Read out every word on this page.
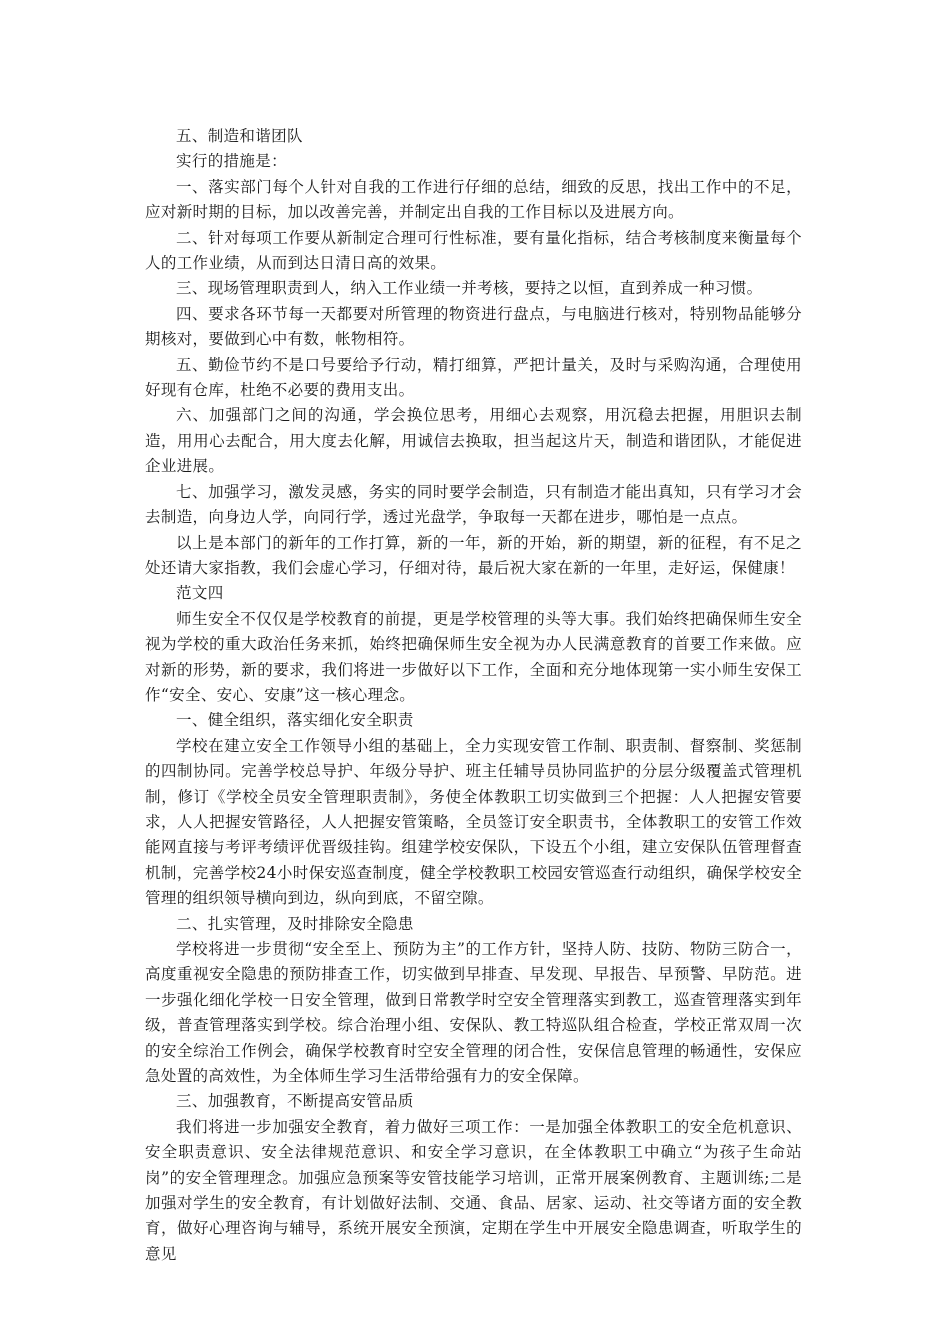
五、制造和谐团队

实行的措施是：

一、落实部门每个人针对自我的工作进行仔细的总结，细致的反思，找出工作中的不足，应对新时期的目标，加以改善完善，并制定出自我的工作目标以及进展方向。

二、针对每项工作要从新制定合理可行性标准，要有量化指标，结合考核制度来衡量每个人的工作业绩，从而到达日清日高的效果。

三、现场管理职责到人，纳入工作业绩一并考核，要持之以恒，直到养成一种习惯。

四、要求各环节每一天都要对所管理的物资进行盘点，与电脑进行核对，特别物品能够分期核对，要做到心中有数，帐物相符。

五、勤俭节约不是口号要给予行动，精打细算，严把计量关，及时与采购沟通，合理使用好现有仓库，杜绝不必要的费用支出。

六、加强部门之间的沟通，学会换位思考，用细心去观察，用沉稳去把握，用胆识去制造，用用心去配合，用大度去化解，用诚信去换取，担当起这片天，制造和谐团队，才能促进企业进展。

七、加强学习，激发灵感，务实的同时要学会制造，只有制造才能出真知，只有学习才会去制造，向身边人学，向同行学，透过光盘学，争取每一天都在进步，哪怕是一点点。

以上是本部门的新年的工作打算，新的一年，新的开始，新的期望，新的征程，有不足之处还请大家指教，我们会虚心学习，仔细对待，最后祝大家在新的一年里，走好运，保健康！

范文四

师生安全不仅仅是学校教育的前提，更是学校管理的头等大事。我们始终把确保师生安全视为学校的重大政治任务来抓，始终把确保师生安全视为办人民满意教育的首要工作来做。应对新的形势，新的要求，我们将进一步做好以下工作，全面和充分地体现第一实小师生安保工作“安全、安心、安康”这一核心理念。

一、健全组织，落实细化安全职责

学校在建立安全工作领导小组的基础上，全力实现安管工作制、职责制、督察制、奖惩制的四制协同。完善学校总导护、年级分导护、班主任辅导员协同监护的分层分级覆盖式管理机制，修订《学校全员安全管理职责制》，务使全体教职工切实做到三个把握：人人把握安管要求，人人把握安管路径，人人把握安管策略，全员签订安全职责书，全体教职工的安管工作效能网直接与考评考绩评优晋级挂钩。组建学校安保队，下设五个小组，建立安保队伍管理督查机制，完善学校24小时保安巡查制度，健全学校教职工校园安管巡查行动组织，确保学校安全管理的组织领导横向到边，纵向到底，不留空隙。

二、扎实管理，及时排除安全隐患

学校将进一步贯彻“安全至上、预防为主”的工作方针，坚持人防、技防、物防三防合一，高度重视安全隐患的预防排查工作，切实做到早排查、早发现、早报告、早预警、早防范。进一步强化细化学校一日安全管理，做到日常教学时空安全管理落实到教工，巡查管理落实到年级，普查管理落实到学校。综合治理小组、安保队、教工特巡队组合检查，学校正常双周一次的安全综治工作例会，确保学校教育时空安全管理的闭合性，安保信息管理的畅通性，安保应急处置的高效性，为全体师生学习生活带给强有力的安全保障。

三、加强教育，不断提高安管品质

我们将进一步加强安全教育，着力做好三项工作：一是加强全体教职工的安全危机意识、安全职责意识、安全法律规范意识、和安全学习意识，在全体教职工中确立“为孩子生命站岗”的安全管理理念。加强应急预案等安管技能学习培训，正常开展案例教育、主题训练;二是加强对学生的安全教育，有计划做好法制、交通、食品、居家、运动、社交等诸方面的安全教育，做好心理咨询与辅导，系统开展安全预演，定期在学生中开展安全隐患调查，听取学生的意见
